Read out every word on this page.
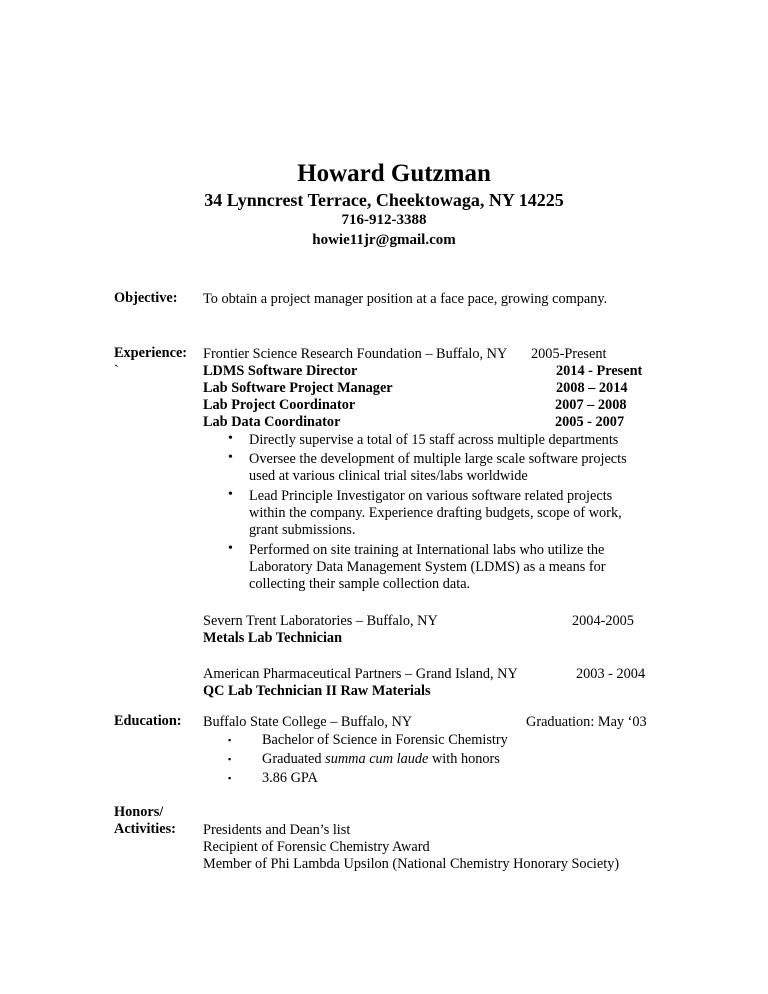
Howard Gutzman
34 Lynncrest Terrace, Cheektowaga, NY 14225
716-912-3388
howie11jr@gmail.com
Objective: To obtain a project manager position at a face pace, growing company.
Experience:
`
Frontier Science Research Foundation – Buffalo, NY 2005-Present
LDMS Software Director	2014 - Present
Lab Software Project Manager	2008 – 2014
Lab Project Coordinator	2007 – 2008
Lab Data Coordinator	2005 - 2007
• Directly supervise a total of 15 staff across multiple departments
• Oversee the development of multiple large scale software projects
used at various clinical trial sites/labs worldwide
• Lead Principle Investigator on various software related projects
within the company. Experience drafting budgets, scope of work,
grant submissions.
• Performed on site training at International labs who utilize the
Laboratory Data Management System (LDMS) as a means for
collecting their sample collection data.
Severn Trent Laboratories – Buffalo, NY	2004-2005
Metals Lab Technician
American Pharmaceutical Partners – Grand Island, NY	2003 - 2004
QC Lab Technician II Raw Materials
Education: Buffalo State College – Buffalo, NY	Graduation: May ‘03
▪ Bachelor of Science in Forensic Chemistry
▪ Graduated summa cum laude with honors
▪ 3.86 GPA
Honors/
Activities: Presidents and Dean’s list
Recipient of Forensic Chemistry Award
Member of Phi Lambda Upsilon (National Chemistry Honorary Society)
